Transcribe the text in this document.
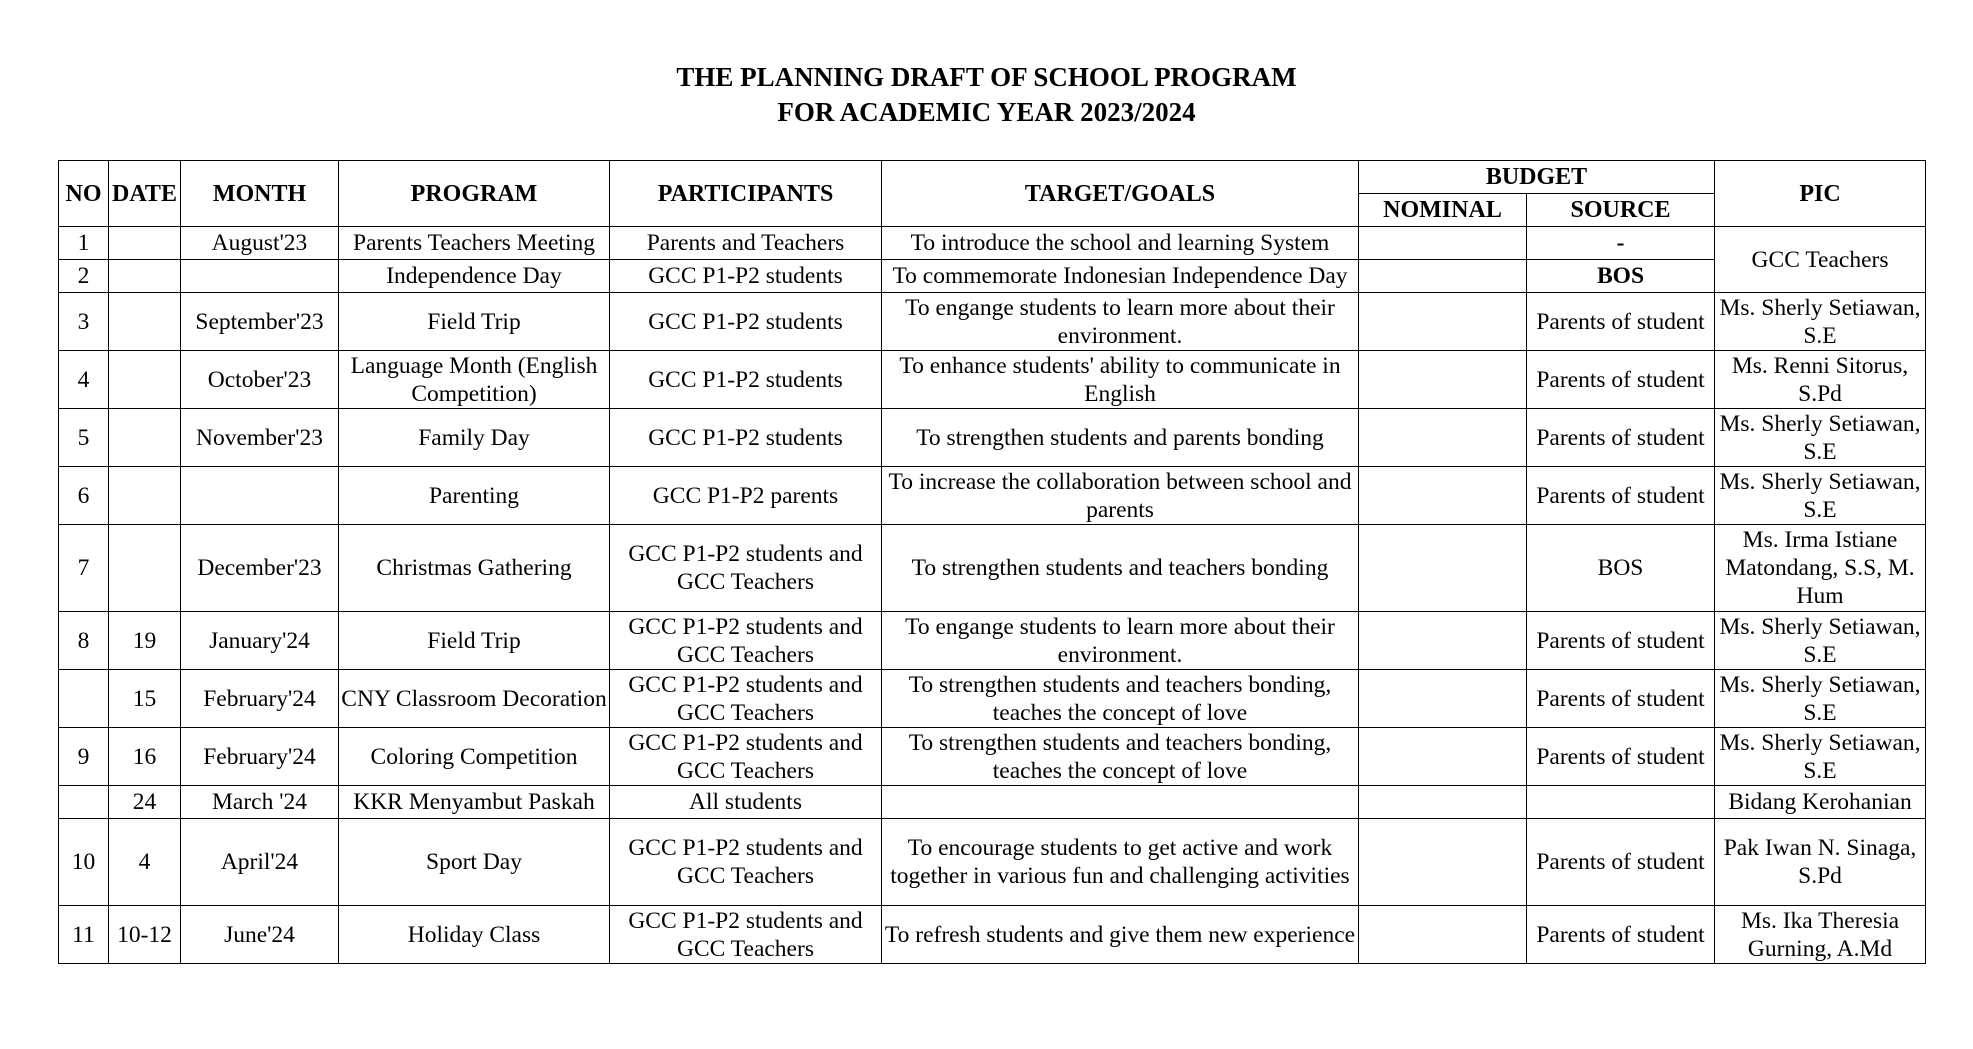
THE PLANNING DRAFT OF SCHOOL PROGRAM
FOR ACADEMIC YEAR 2023/2024
NO	DATE	MONTH	PROGRAM	PARTICIPANTS	TARGET/GOALS	BUDGET		PIC
						NOMINAL	SOURCE	
1		August'23	Parents Teachers Meeting	Parents and Teachers	To introduce the school and learning System		-	GCC Teachers
2			Independence Day	GCC P1-P2 students	To commemorate Indonesian Independence Day		BOS	
3		September'23	Field Trip	GCC P1-P2 students	To engange students to learn more about their environment.		Parents of student	Ms. Sherly Setiawan, S.E
4		October'23	Language Month (English Competition)	GCC P1-P2 students	To enhance students' ability to communicate in English		Parents of student	Ms. Renni Sitorus, S.Pd
5		November'23	Family Day	GCC P1-P2 students	To strengthen students and parents bonding		Parents of student	Ms. Sherly Setiawan, S.E
6			Parenting	GCC P1-P2 parents	To increase the collaboration between school and parents		Parents of student	Ms. Sherly Setiawan, S.E
7		December'23	Christmas Gathering	GCC P1-P2 students and GCC Teachers	To strengthen students and teachers bonding		BOS	Ms. Irma Istiane Matondang, S.S, M. Hum
8	19	January'24	Field Trip	GCC P1-P2 students and GCC Teachers	To engange students to learn more about their environment.		Parents of student	Ms. Sherly Setiawan, S.E
	15	February'24	CNY Classroom Decoration	GCC P1-P2 students and GCC Teachers	To strengthen students and teachers bonding, teaches the concept of love		Parents of student	Ms. Sherly Setiawan, S.E
9	16	February'24	Coloring Competition	GCC P1-P2 students and GCC Teachers	To strengthen students and teachers bonding, teaches the concept of love		Parents of student	Ms. Sherly Setiawan, S.E
	24	March '24	KKR Menyambut Paskah	All students				Bidang Kerohanian
10	4	April'24	Sport Day	GCC P1-P2 students and GCC Teachers	To encourage students to get active and work together in various fun and challenging activities		Parents of student	Pak Iwan N. Sinaga, S.Pd
11	10-12	June'24	Holiday Class	GCC P1-P2 students and GCC Teachers	To refresh students and give them new experience		Parents of student	Ms. Ika Theresia Gurning, A.Md
